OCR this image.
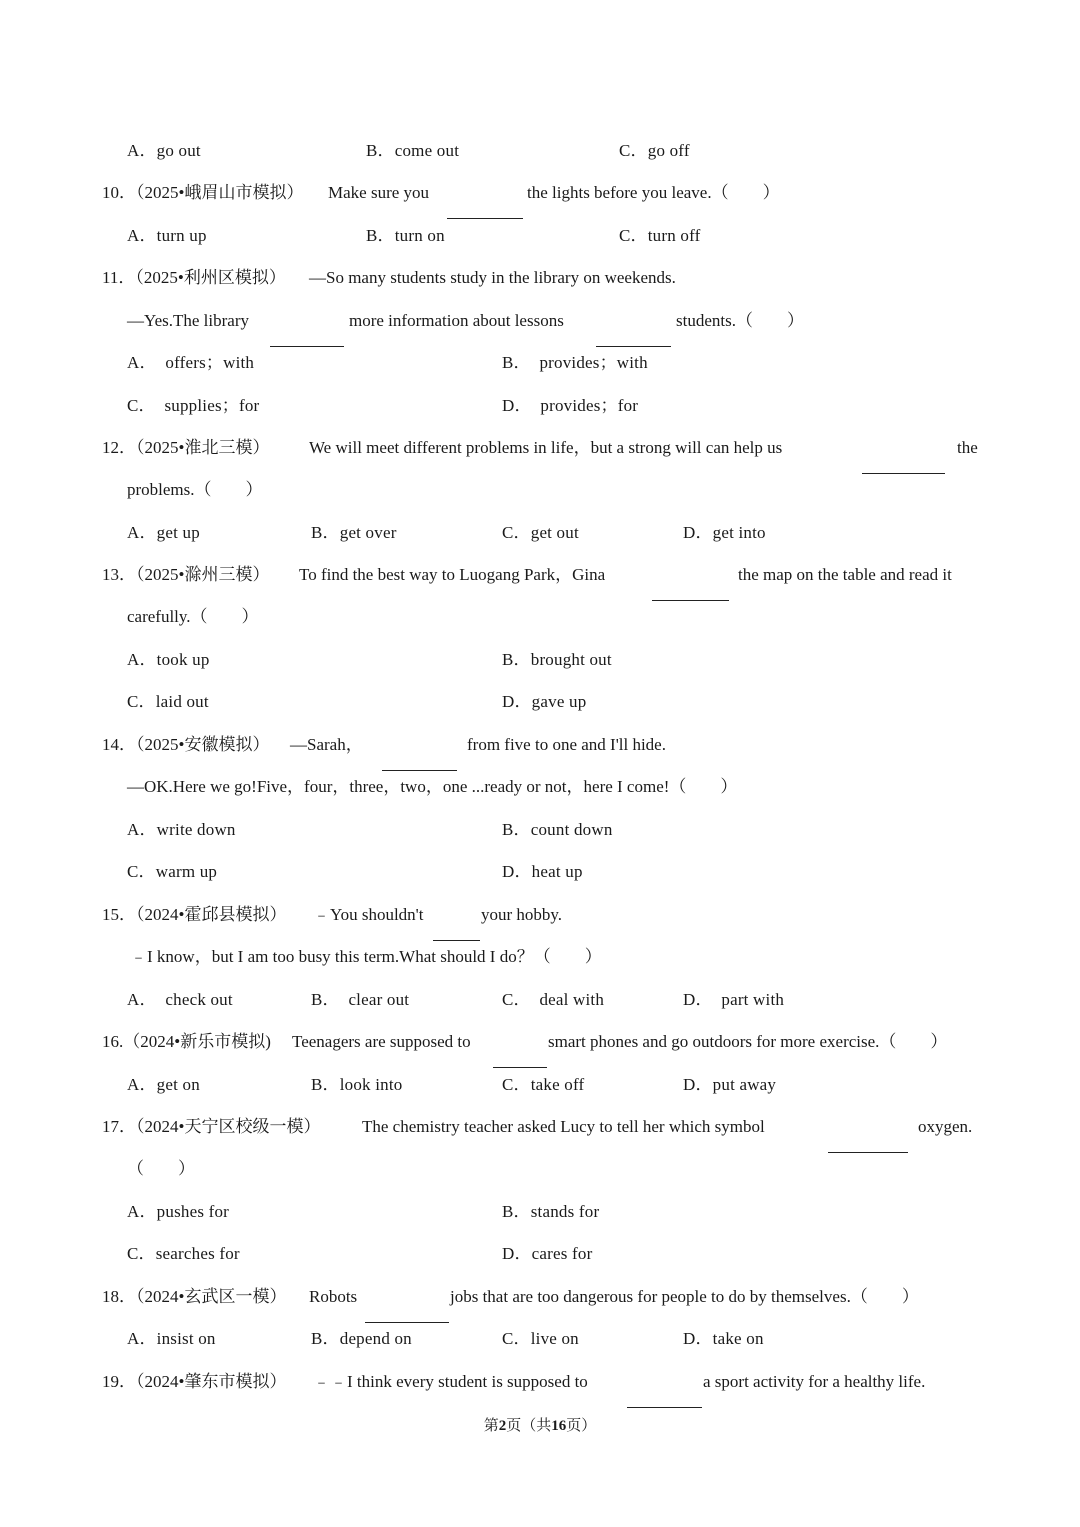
A．go out	B．come out	C．go off
10．（2025•峨眉山市模拟） Make sure you	the lights before you leave.（　　）
A．turn up	B．turn on	C．turn off
11．（2025•利州区模拟） —So many students study in the library on weekends.
—Yes.The library	more information about lessons	students.（　　）
A．　offers；with	B．　provides；with
C．　supplies；for	D．　provides；for
12．（2025•淮北三模） We will meet different problems in life，but a strong will can help us	the
problems.（　　）
A．get up	B．get over	C．get out	D．get into
13．（2025•滁州三模） To find the best way to Luogang Park，Gina	the map on the table and read it
carefully.（　　）
A．took up	B．brought out
C．laid out	D．gave up
14．（2025•安徽模拟） —Sarah，	from five to one and I'll hide.
—OK.Here we go!Five，four，three，two，one ...ready or not，here I come!（　　）
A．write down	B．count down
C．warm up	D．heat up
15．（2024•霍邱县模拟） ﹣You shouldn't	your hobby.
﹣I know，but I am too busy this term.What should I do？（　　）
A．　check out	B．　clear out	C．　deal with	D．　part with
16.（2024•新乐市模拟) Teenagers are supposed to	smart phones and go outdoors for more exercise.（　　）
A．get on	B．look into	C．take off	D．put away
17．（2024•天宁区校级一模） The chemistry teacher asked Lucy to tell her which symbol	oxygen.
（　　）
A．pushes for	B．stands for
C．searches for	D．cares for
18．（2024•玄武区一模） Robots	jobs that are too dangerous for people to do by themselves.（　　）
A．insist on	B．depend on	C．live on	D．take on
19．（2024•肇东市模拟） ﹣﹣I think every student is supposed to	a sport activity for a healthy life.
第2页（共16页）
